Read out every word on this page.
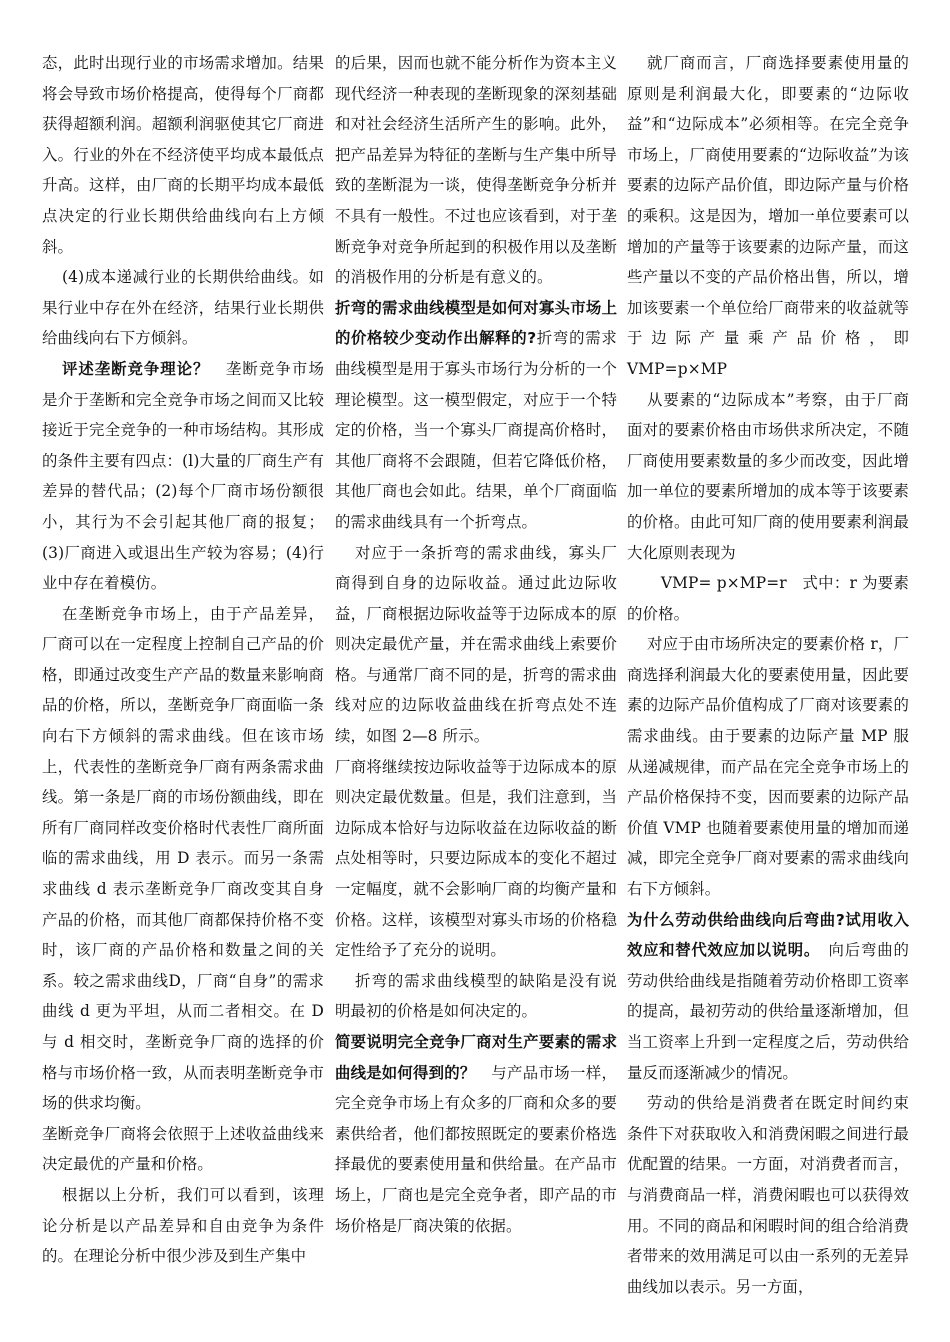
态，此时出现行业的市场需求增加。结果将会导致市场价格提高，使得每个厂商都获得超额利润。超额利润驱使其它厂商进入。行业的外在不经济使平均成本最低点升高。这样，由厂商的长期平均成本最低点决定的行业长期供给曲线向右上方倾斜。

(4)成本递减行业的长期供给曲线。如果行业中存在外在经济，结果行业长期供给曲线向右下方倾斜。

评述垄断竞争理论？　 垄断竞争市场是介于垄断和完全竞争市场之间而又比较接近于完全竞争的一种市场结构。其形成的条件主要有四点：(l)大量的厂商生产有差异的替代品；(2)每个厂商市场份额很小，其行为不会引起其他厂商的报复；(3)厂商进入或退出生产较为容易；(4)行业中存在着模仿。

在垄断竞争市场上，由于产品差异，厂商可以在一定程度上控制自己产品的价格，即通过改变生产产品的数量来影响商品的价格，所以，垄断竞争厂商面临一条向右下方倾斜的需求曲线。但在该市场上，代表性的垄断竞争厂商有两条需求曲线。第一条是厂商的市场份额曲线，即在所有厂商同样改变价格时代表性厂商所面临的需求曲线，用 D 表示。而另一条需求曲线 d 表示垄断竞争厂商改变其自身产品的价格，而其他厂商都保持价格不变时，该厂商的产品价格和数量之间的关系。较之需求曲线D，厂商“自身”的需求曲线 d 更为平坦，从而二者相交。在 D 与 d 相交时，垄断竞争厂商的选择的价格与市场价格一致，从而表明垄断竞争市场的供求均衡。

垄断竞争厂商将会依照于上述收益曲线来决定最优的产量和价格。

根据以上分析，我们可以看到，该理论分析是以产品差异和自由竞争为条件的。在理论分析中很少涉及到生产集中

的后果，因而也就不能分析作为资本主义现代经济一种表现的垄断现象的深刻基础和对社会经济生活所产生的影响。此外，把产品差异为特征的垄断与生产集中所导致的垄断混为一谈，使得垄断竞争分析并不具有一般性。不过也应该看到，对于垄断竞争对竞争所起到的积极作用以及垄断的消极作用的分析是有意义的。

折弯的需求曲线模型是如何对寡头市场上的价格较少变动作出解释的?折弯的需求曲线模型是用于寡头市场行为分析的一个理论模型。这一模型假定，对应于一个特定的价格，当一个寡头厂商提高价格时，其他厂商将不会跟随，但若它降低价格，其他厂商也会如此。结果，单个厂商面临的需求曲线具有一个折弯点。

对应于一条折弯的需求曲线，寡头厂商得到自身的边际收益。通过此边际收益，厂商根据边际收益等于边际成本的原则决定最优产量，并在需求曲线上索要价格。与通常厂商不同的是，折弯的需求曲线对应的边际收益曲线在折弯点处不连续，如图 2—8 所示。

厂商将继续按边际收益等于边际成本的原则决定最优数量。但是，我们注意到，当边际成本恰好与边际收益在边际收益的断点处相等时，只要边际成本的变化不超过一定幅度，就不会影响厂商的均衡产量和价格。这样，该模型对寡头市场的价格稳定性给予了充分的说明。

折弯的需求曲线模型的缺陷是没有说明最初的价格是如何决定的。

简要说明完全竞争厂商对生产要素的需求曲线是如何得到的？　 与产品市场一样，完全竞争市场上有众多的厂商和众多的要素供给者，他们都按照既定的要素价格选择最优的要素使用量和供给量。在产品市场上，厂商也是完全竞争者，即产品的市场价格是厂商决策的依据。

就厂商而言，厂商选择要素使用量的原则是利润最大化，即要素的“边际收益”和“边际成本”必须相等。在完全竞争市场上，厂商使用要素的“边际收益”为该要素的边际产品价值，即边际产量与价格的乘积。这是因为，增加一单位要素可以增加的产量等于该要素的边际产量，而这些产量以不变的产品价格出售，所以，增加该要素一个单位给厂商带来的收益就等于边际产量乘产品价格，即 VMP=p×MP

从要素的“边际成本”考察，由于厂商面对的要素价格由市场供求所决定，不随厂商使用要素数量的多少而改变，因此增加一单位的要素所增加的成本等于该要素的价格。由此可知厂商的使用要素利润最大化原则表现为

VMP= p×MP=r　式中：r 为要素的价格。

对应于由市场所决定的要素价格 r，厂商选择利润最大化的要素使用量，因此要素的边际产品价值构成了厂商对该要素的需求曲线。由于要素的边际产量 MP 服从递减规律，而产品在完全竞争市场上的产品价格保持不变，因而要素的边际产品价值 VMP 也随着要素使用量的增加而递减，即完全竞争厂商对要素的需求曲线向右下方倾斜。

为什么劳动供给曲线向后弯曲?试用收入效应和替代效应加以说明。　 向后弯曲的劳动供给曲线是指随着劳动价格即工资率的提高，最初劳动的供给量逐渐增加，但当工资率上升到一定程度之后，劳动供给量反而逐渐减少的情况。

劳动的供给是消费者在既定时间约束条件下对获取收入和消费闲暇之间进行最优配置的结果。一方面，对消费者而言，与消费商品一样，消费闲暇也可以获得效用。不同的商品和闲暇时间的组合给消费者带来的效用满足可以由一系列的无差异曲线加以表示。另一方面，
